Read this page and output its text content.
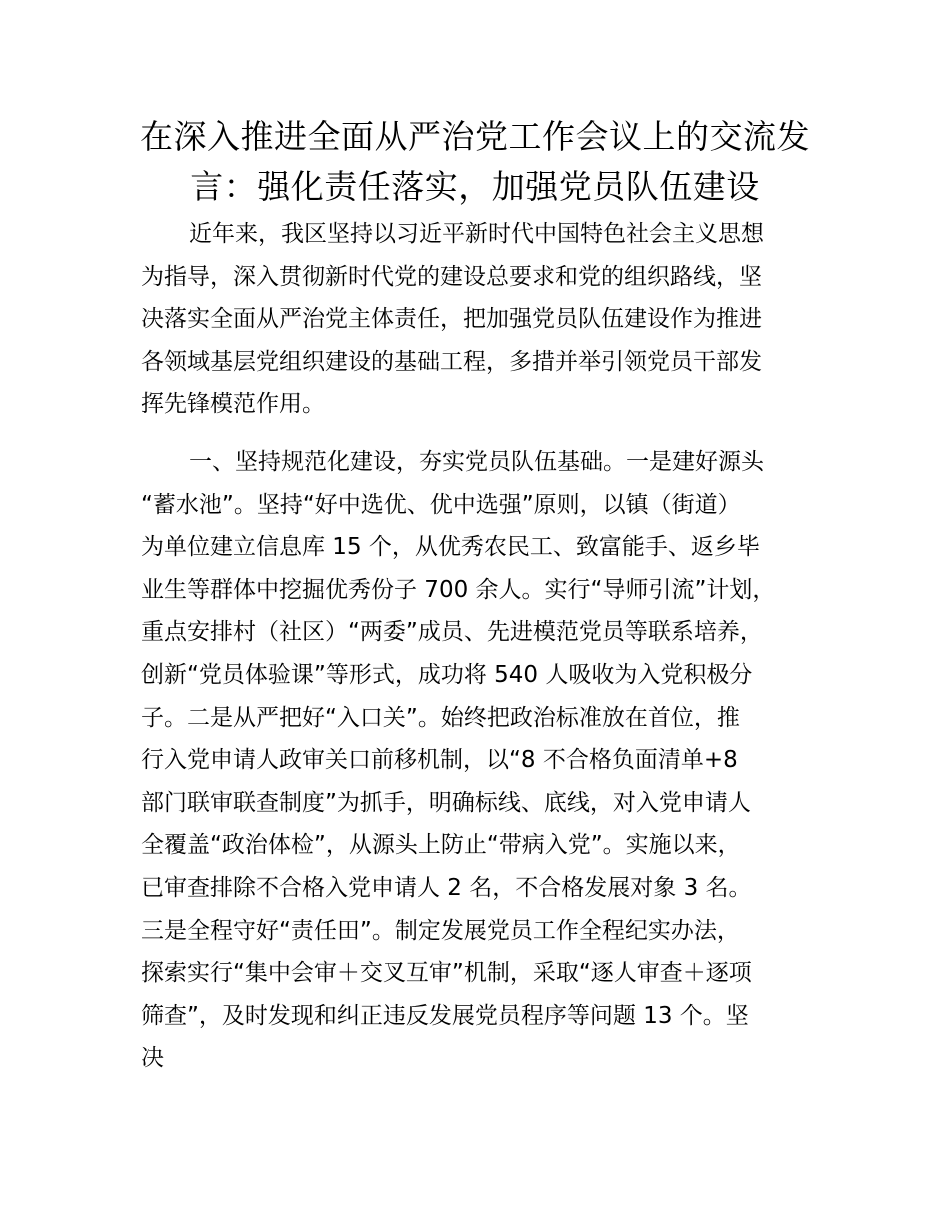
在深入推进全面从严治党工作会议上的交流发
言：强化责任落实，加强党员队伍建设

近年来，我区坚持以习近平新时代中国特色社会主义思想
为指导，深入贯彻新时代党的建设总要求和党的组织路线，坚
决落实全面从严治党主体责任，把加强党员队伍建设作为推进
各领域基层党组织建设的基础工程，多措并举引领党员干部发
挥先锋模范作用。

一、坚持规范化建设，夯实党员队伍基础。一是建好源头
“蓄水池”。坚持“好中选优、优中选强”原则，以镇（街道）
为单位建立信息库 15 个，从优秀农民工、致富能手、返乡毕
业生等群体中挖掘优秀份子 700 余人。实行“导师引流”计划，
重点安排村（社区）“两委”成员、先进模范党员等联系培养，
创新“党员体验课”等形式，成功将 540 人吸收为入党积极分
子。二是从严把好“入口关”。始终把政治标准放在首位，推
行入党申请人政审关口前移机制，以“8 不合格负面清单+8
部门联审联查制度”为抓手，明确标线、底线，对入党申请人
全覆盖“政治体检”，从源头上防止“带病入党”。实施以来，
已审查排除不合格入党申请人 2 名，不合格发展对象 3 名。
三是全程守好“责任田”。制定发展党员工作全程纪实办法，
探索实行“集中会审＋交叉互审”机制，采取“逐人审查＋逐项
筛查”，及时发现和纠正违反发展党员程序等问题 13 个。坚
决
